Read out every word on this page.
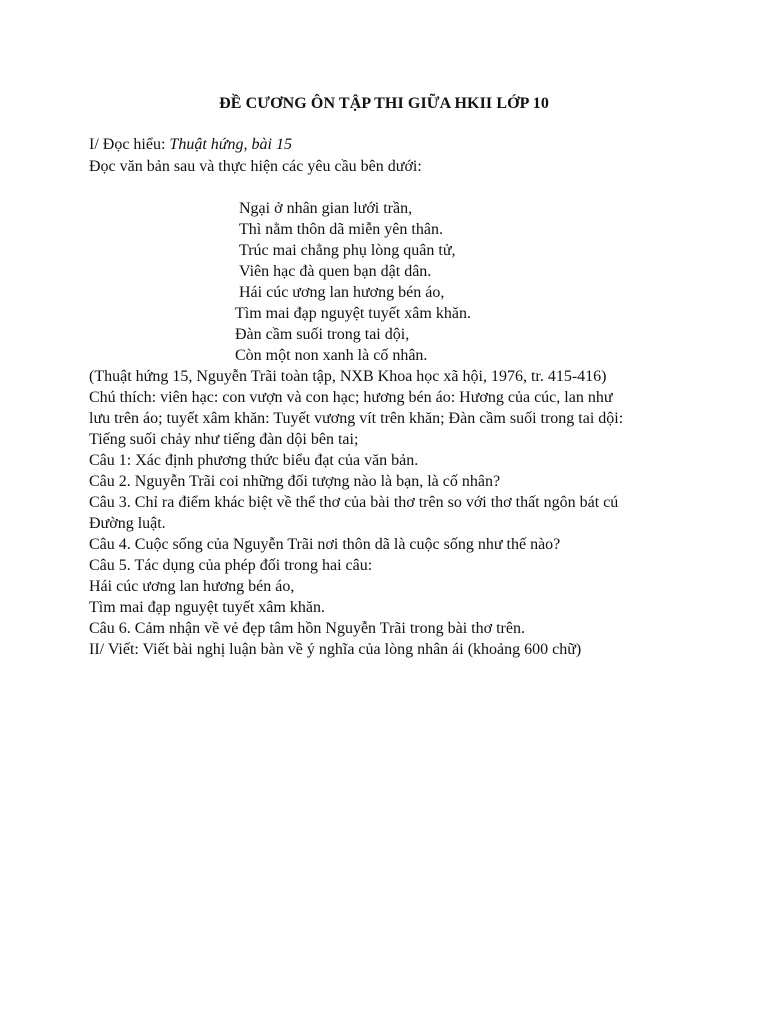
ĐỀ CƯƠNG ÔN TẬP THI GIỮA HKII LỚP 10
I/ Đọc hiểu: Thuật hứng, bài 15
Đọc văn bản sau và thực hiện các yêu cầu bên dưới:
Ngại ở nhân gian lưới trần,
Thì nằm thôn dã miễn yên thân.
Trúc mai chẳng phụ lòng quân tử,
Viên hạc đà quen bạn dật dân.
Hái cúc ương lan hương bén áo,
Tìm mai đạp nguyệt tuyết xâm khăn.
Đàn cầm suối trong tai dội,
Còn một non xanh là cố nhân.
(Thuật hứng 15, Nguyễn Trãi toàn tập, NXB Khoa học xã hội, 1976, tr. 415-416)
Chú thích: viên hạc: con vượn và con hạc; hương bén áo: Hương của cúc, lan như
lưu trên áo; tuyết xâm khăn: Tuyết vương vít trên khăn; Đàn cầm suối trong tai dội:
Tiếng suối chảy như tiếng đàn dội bên tai;
Câu 1: Xác định phương thức biểu đạt của văn bản.
Câu 2. Nguyễn Trãi coi những đối tượng nào là bạn, là cố nhân?
Câu 3. Chỉ ra điểm khác biệt về thể thơ của bài thơ trên so với thơ thất ngôn bát cú
Đường luật.
Câu 4. Cuộc sống của Nguyễn Trãi nơi thôn dã là cuộc sống như thế nào?
Câu 5. Tác dụng của phép đối trong hai câu:
Hái cúc ương lan hương bén áo,
Tìm mai đạp nguyệt tuyết xâm khăn.
Câu 6. Cảm nhận về vẻ đẹp tâm hồn Nguyễn Trãi trong bài thơ trên.
II/ Viết: Viết bài nghị luận bàn về ý nghĩa của lòng nhân ái (khoảng 600 chữ)
